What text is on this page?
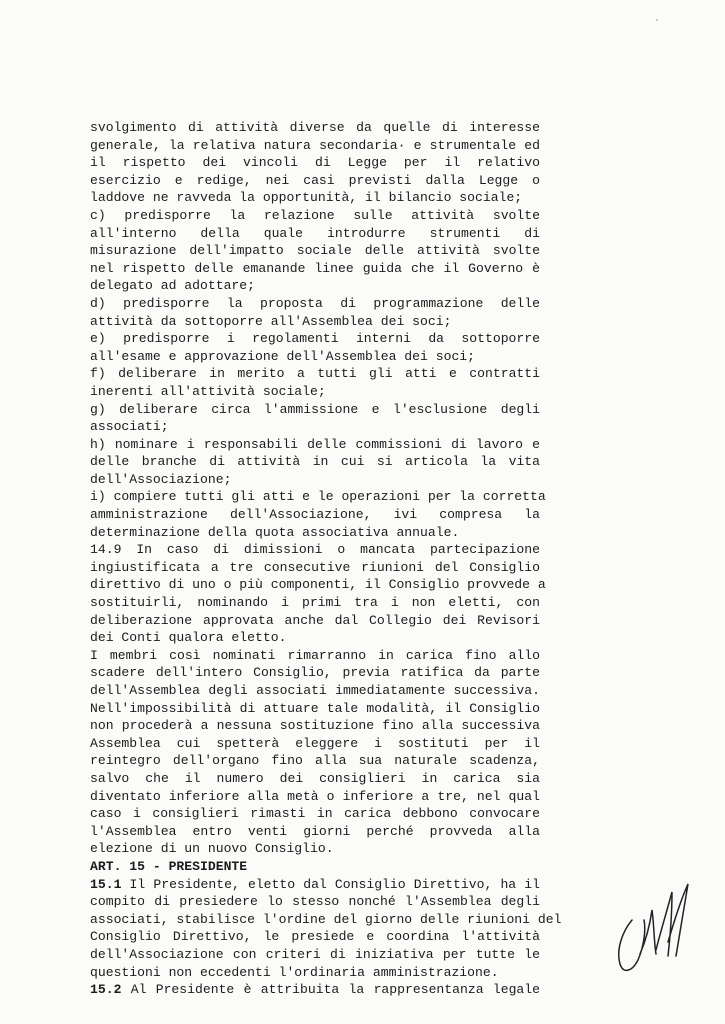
svolgimento di attività diverse da quelle di interesse
generale, la relativa natura secondaria· e strumentale ed
il rispetto dei vincoli di Legge per il relativo
esercizio e redige, nei casi previsti dalla Legge o
laddove ne ravveda la opportunità, il bilancio sociale;
c) predisporre la relazione sulle attività svolte
all'interno della quale introdurre strumenti di
misurazione dell'impatto sociale delle attività svolte
nel rispetto delle emanande linee guida che il Governo è
delegato ad adottare;
d) predisporre la proposta di programmazione delle
attività da sottoporre all'Assemblea dei soci;
e) predisporre i regolamenti interni da sottoporre
all'esame e approvazione dell'Assemblea dei soci;
f) deliberare in merito a tutti gli atti e contratti
inerenti all'attività sociale;
g) deliberare circa l'ammissione e l'esclusione degli
associati;
h) nominare i responsabili delle commissioni di lavoro e
delle branche di attività in cui si articola la vita
dell'Associazione;
i) compiere tutti gli atti e le operazioni per la corretta
amministrazione dell'Associazione, ivi compresa la
determinazione della quota associativa annuale.
14.9 In caso di dimissioni o mancata partecipazione
ingiustificata a tre consecutive riunioni del Consiglio
direttivo di uno o più componenti, il Consiglio provvede a
sostituirli, nominando i primi tra i non eletti, con
deliberazione approvata anche dal Collegio dei Revisori
dei Conti qualora eletto.
I membri così nominati rimarranno in carica fino allo
scadere dell'intero Consiglio, previa ratifica da parte
dell'Assemblea degli associati immediatamente successiva.
Nell'impossibilità di attuare tale modalità, il Consiglio
non procederà a nessuna sostituzione fino alla successiva
Assemblea cui spetterà eleggere i sostituti per il
reintegro dell'organo fino alla sua naturale scadenza,
salvo che il numero dei consiglieri in carica sia
diventato inferiore alla metà o inferiore a tre, nel qual
caso i consiglieri rimasti in carica debbono convocare
l'Assemblea entro venti giorni perché provveda alla
elezione di un nuovo Consiglio.
ART. 15 - PRESIDENTE
15.1 Il Presidente, eletto dal Consiglio Direttivo, ha il
compito di presiedere lo stesso nonché l'Assemblea degli
associati, stabilisce l'ordine del giorno delle riunioni del
Consiglio Direttivo, le presiede e coordina l'attività
dell'Associazione con criteri di iniziativa per tutte le
questioni non eccedenti l'ordinaria amministrazione.
15.2 Al Presidente è attribuita la rappresentanza legale
